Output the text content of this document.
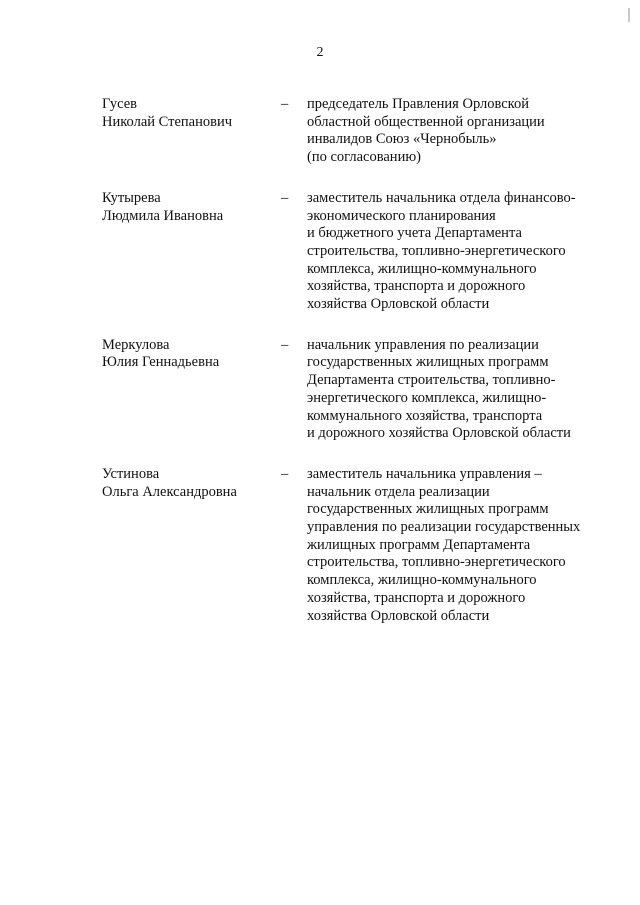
2
Гусев
Николай Степанович
– председатель Правления Орловской
областной общественной организации
инвалидов Союз «Чернобыль»
(по согласованию)
Кутырева
Людмила Ивановна
– заместитель начальника отдела финансово-
экономического планирования
и бюджетного учета Департамента
строительства, топливно-энергетического
комплекса, жилищно-коммунального
хозяйства, транспорта и дорожного
хозяйства Орловской области
Меркулова
Юлия Геннадьевна
– начальник управления по реализации
государственных жилищных программ
Департамента строительства, топливно-
энергетического комплекса, жилищно-
коммунального хозяйства, транспорта
и дорожного хозяйства Орловской области
Устинова
Ольга Александровна
– заместитель начальника управления –
начальник отдела реализации
государственных жилищных программ
управления по реализации государственных
жилищных программ Департамента
строительства, топливно-энергетического
комплекса, жилищно-коммунального
хозяйства, транспорта и дорожного
хозяйства Орловской области
